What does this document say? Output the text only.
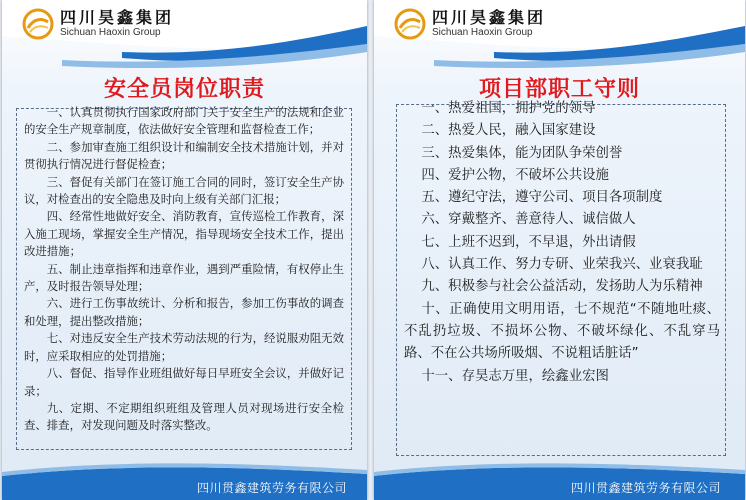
四川昊鑫集团
Sichuan Haoxin Group
安全员岗位职责

一、认真贯彻执行国家政府部门关于安全生产的法规和企业的安全生产规章制度，依法做好安全管理和监督检查工作；

二、参加审查施工组织设计和编制安全技术措施计划，并对贯彻执行情况进行督促检查；

三、督促有关部门在签订施工合同的同时，签订安全生产协议，对检查出的安全隐患及时向上级有关部门汇报；

四、经常性地做好安全、消防教育，宣传巡检工作教育，深入施工现场，掌握安全生产情况，指导现场安全技术工作，提出改进措施；

五、制止违章指挥和违章作业，遇到严重险情，有权停止生产，及时报告领导处理；

六、进行工伤事故统计、分析和报告，参加工伤事故的调查和处理，提出整改措施；

七、对违反安全生产技术劳动法规的行为，经说服劝阻无效时，应采取相应的处罚措施；

八、督促、指导作业班组做好每日早班安全会议，并做好记录；

九、定期、不定期组织班组及管理人员对现场进行安全检查、排查，对发现问题及时落实整改。

四川贯鑫建筑劳务有限公司
四川昊鑫集团
Sichuan Haoxin Group
项目部职工守则

一、热爱祖国，拥护党的领导

二、热爱人民，融入国家建设

三、热爱集体，能为团队争荣创誉

四、爱护公物，不破坏公共设施

五、遵纪守法，遵守公司、项目各项制度

六、穿戴整齐、善意待人、诚信做人

七、上班不迟到，不早退，外出请假

八、认真工作、努力专研、业荣我兴、业衰我耻

九、积极参与社会公益活动，发扬助人为乐精神

十、正确使用文明用语，七不规范“不随地吐痰、不乱扔垃圾、不损坏公物、不破坏绿化、不乱穿马路、不在公共场所吸烟、不说粗话脏话”

十一、存昊志万里，绘鑫业宏图

四川贯鑫建筑劳务有限公司
